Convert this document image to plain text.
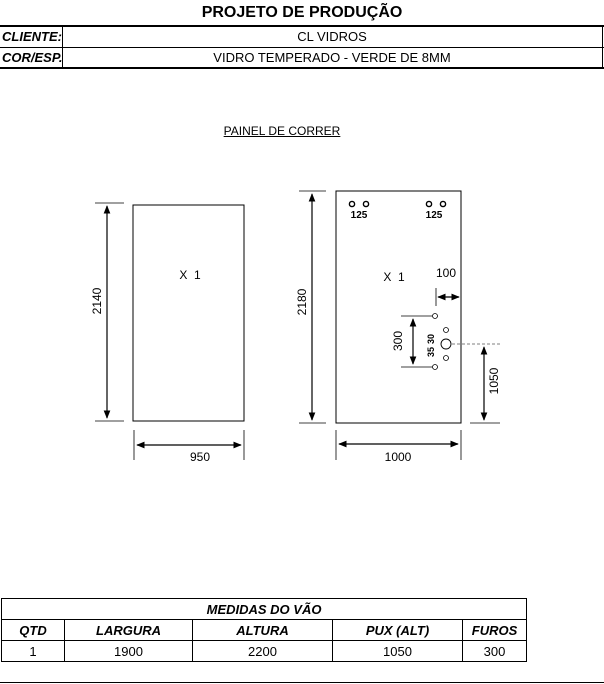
PROJETO DE PRODUÇÃO
CLIENTE:	CL VIDROS
COR/ESP.	VIDRO TEMPERADO - VERDE DE 8MM
PAINEL DE CORRER
X  1
2140
950
X  1
125	125
100
300
35
30
1050
2180
1000
MEDIDAS DO VÃO				
QTD	LARGURA	ALTURA	PUX (ALT)	FUROS
1	1900	2200	1050	300
